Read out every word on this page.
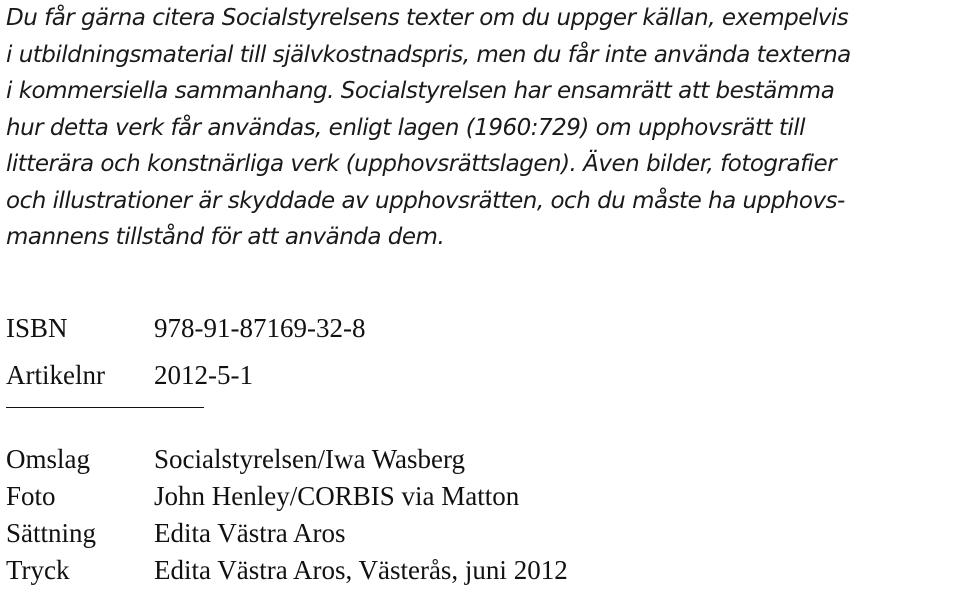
Du får gärna citera Socialstyrelsens texter om du uppger källan, exempelvis
i utbildningsmaterial till självkostnadspris, men du får inte använda texterna
i kommersiella sammanhang. Socialstyrelsen har ensamrätt att bestämma
hur detta verk får användas, enligt lagen (1960:729) om upphovsrätt till
litterära och konstnärliga verk (upphovsrättslagen). Även bilder, fotografier
och illustrationer är skyddade av upphovsrätten, och du måste ha upphovs-
mannens tillstånd för att använda dem.

ISBN	978-91-87169-32-8
Artikelnr 2012-5-1
Omslag Socialstyrelsen/Iwa Wasberg
Foto	John Henley/CORBIS via Matton
Sättning Edita Västra Aros
Tryck	Edita Västra Aros, Västerås, juni 2012
